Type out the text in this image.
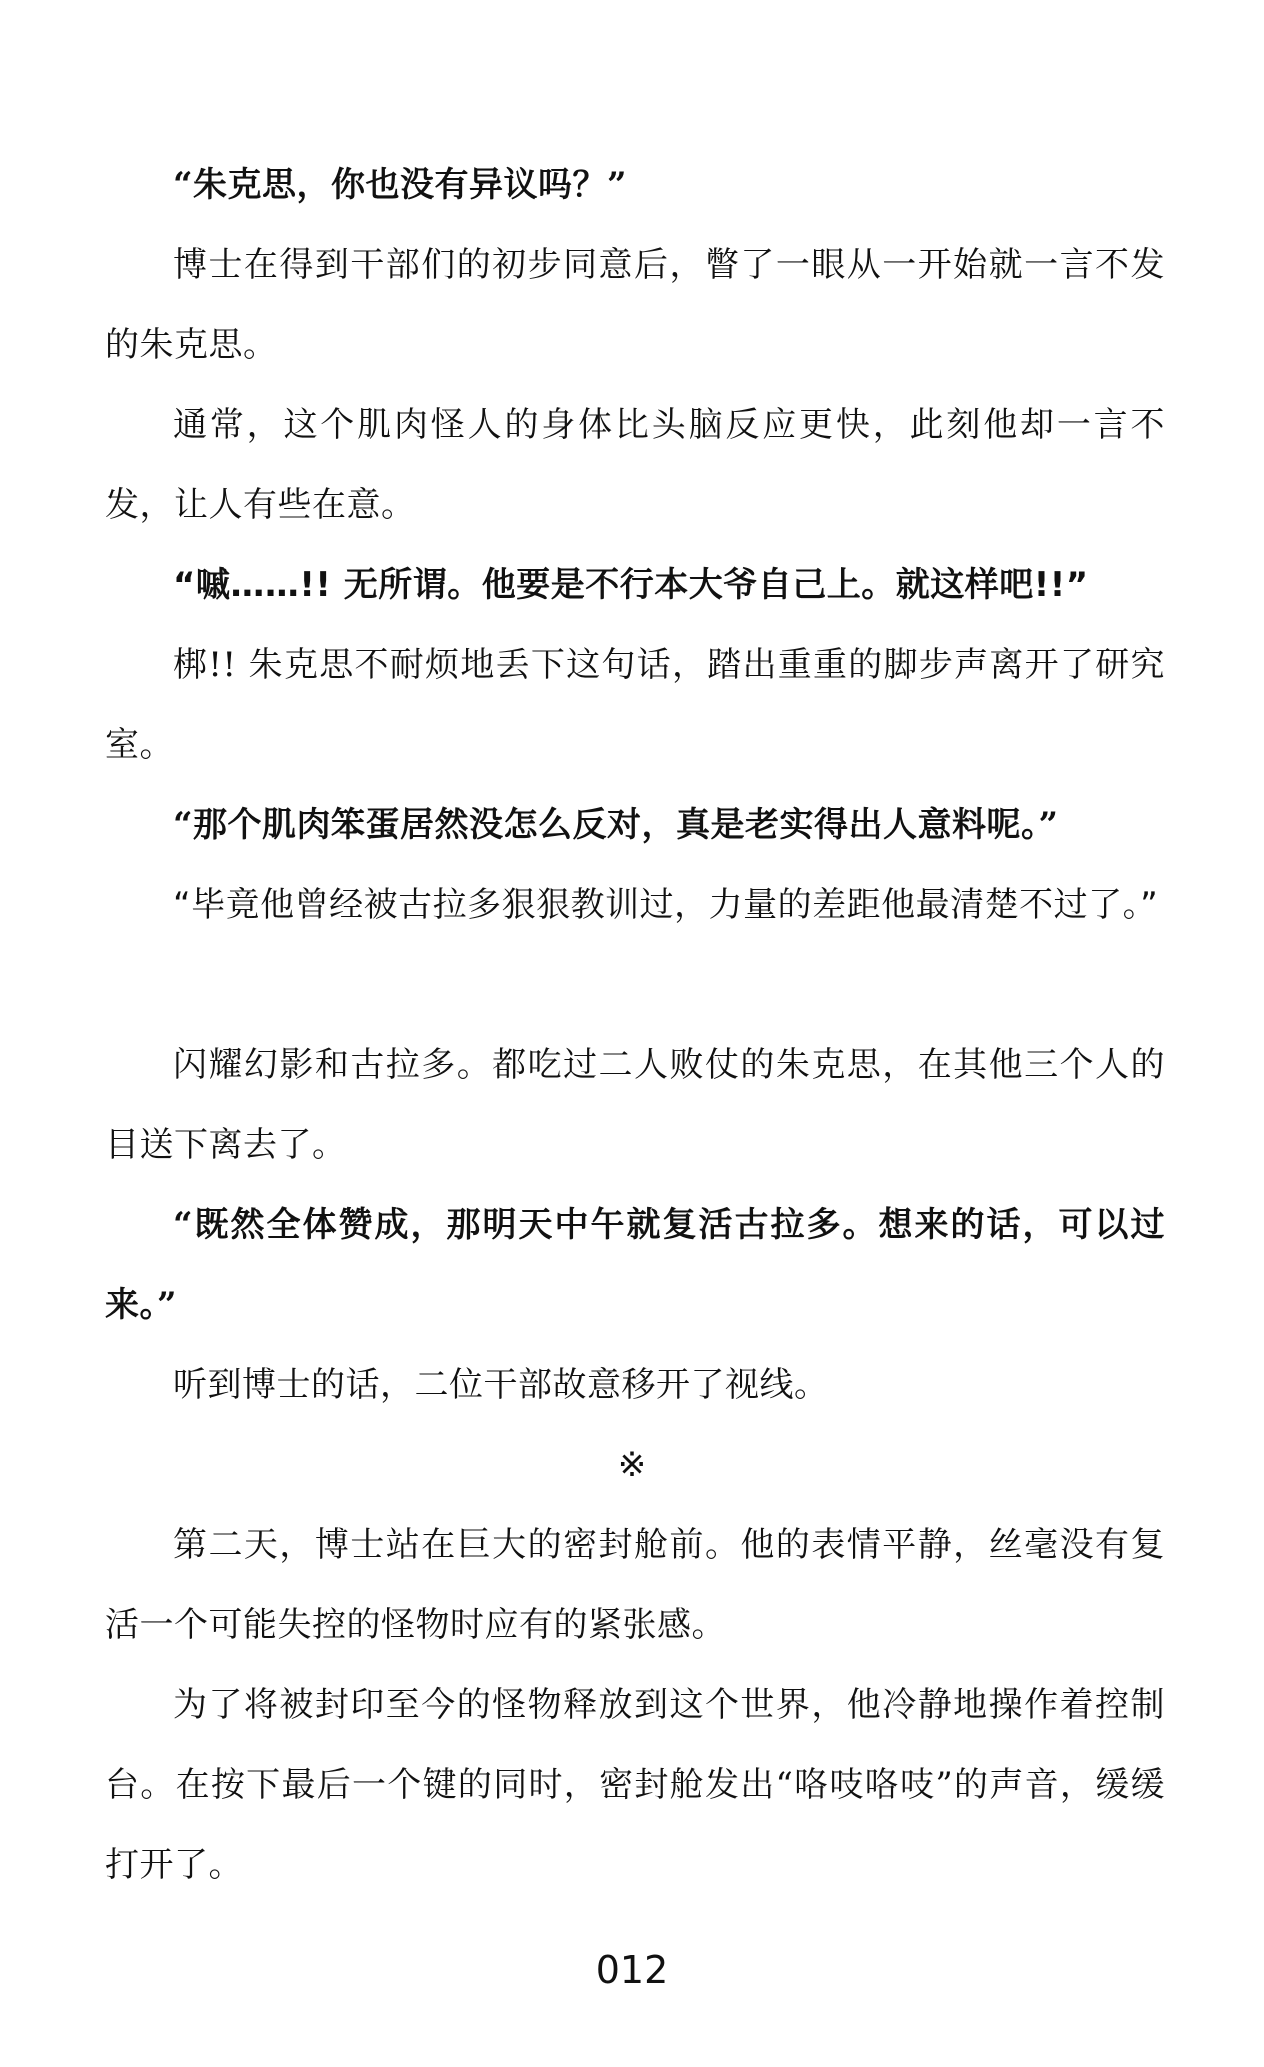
“朱克思，你也没有异议吗？”

博士在得到干部们的初步同意后，瞥了一眼从一开始就一言不发的朱克思。

通常，这个肌肉怪人的身体比头脑反应更快，此刻他却一言不发，让人有些在意。

“嘁……!! 无所谓。他要是不行本大爷自己上。就这样吧!!”

梆!! 朱克思不耐烦地丢下这句话，踏出重重的脚步声离开了研究室。

“那个肌肉笨蛋居然没怎么反对，真是老实得出人意料呢。”

“毕竟他曾经被古拉多狠狠教训过，力量的差距他最清楚不过了。”

闪耀幻影和古拉多。都吃过二人败仗的朱克思，在其他三个人的目送下离去了。

“既然全体赞成，那明天中午就复活古拉多。想来的话，可以过来。”

听到博士的话，二位干部故意移开了视线。

※

第二天，博士站在巨大的密封舱前。他的表情平静，丝毫没有复活一个可能失控的怪物时应有的紧张感。

为了将被封印至今的怪物释放到这个世界，他冷静地操作着控制台。在按下最后一个键的同时，密封舱发出“咯吱咯吱”的声音，缓缓打开了。

012
